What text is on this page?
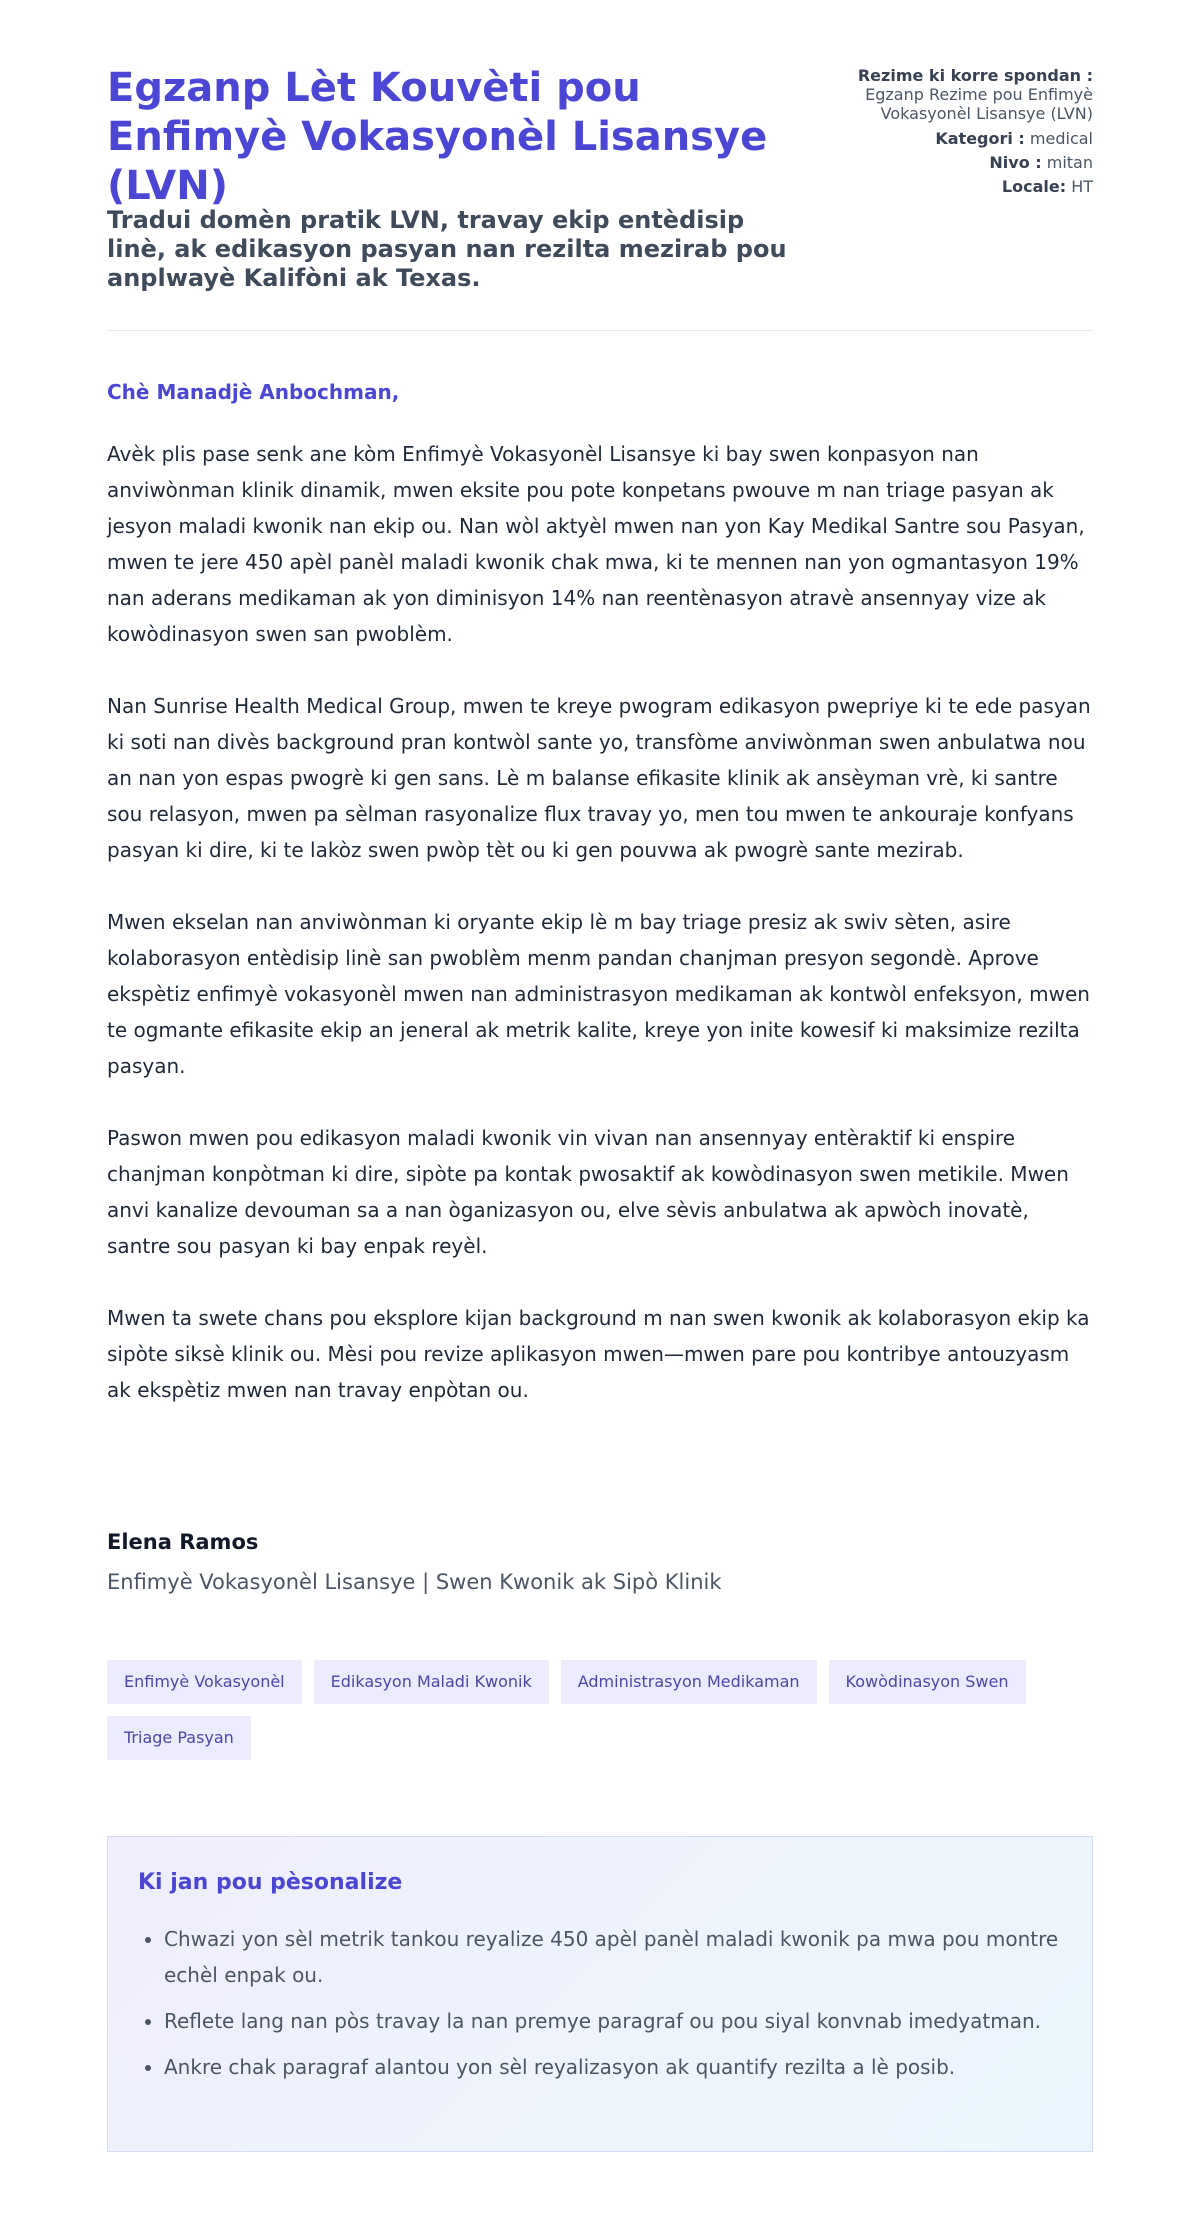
Egzanp Lèt Kouvèti pou Enfimyè Vokasyonèl Lisansye (LVN)

Tradui domèn pratik LVN, travay ekip entèdisip linè, ak edikasyon pasyan nan rezilta mezirab pou anplwayè Kalifòni ak Texas.

Rezime ki korre spondan :
Egzanp Rezime pou Enfimyè Vokasyonèl Lisansye (LVN)
Kategori : medical
Nivo : mitan
Locale: HT
Chè Manadjè Anbochman,

Avèk plis pase senk ane kòm Enfimyè Vokasyonèl Lisansye ki bay swen konpasyon nan anviwònman klinik dinamik, mwen eksite pou pote konpetans pwouve m nan triage pasyan ak jesyon maladi kwonik nan ekip ou. Nan wòl aktyèl mwen nan yon Kay Medikal Santre sou Pasyan, mwen te jere 450 apèl panèl maladi kwonik chak mwa, ki te mennen nan yon ogmantasyon 19% nan aderans medikaman ak yon diminisyon 14% nan reentènasyon atravè ansennyay vize ak kowòdinasyon swen san pwoblèm.

Nan Sunrise Health Medical Group, mwen te kreye pwogram edikasyon pwepriye ki te ede pasyan ki soti nan divès background pran kontwòl sante yo, transfòme anviwònman swen anbulatwa nou an nan yon espas pwogrè ki gen sans. Lè m balanse efikasite klinik ak ansèyman vrè, ki santre sou relasyon, mwen pa sèlman rasyonalize flux travay yo, men tou mwen te ankouraje konfyans pasyan ki dire, ki te lakòz swen pwòp tèt ou ki gen pouvwa ak pwogrè sante mezirab.

Mwen ekselan nan anviwònman ki oryante ekip lè m bay triage presiz ak swiv sèten, asire kolaborasyon entèdisip linè san pwoblèm menm pandan chanjman presyon segondè. Aprove ekspètiz enfimyè vokasyonèl mwen nan administrasyon medikaman ak kontwòl enfeksyon, mwen te ogmante efikasite ekip an jeneral ak metrik kalite, kreye yon inite kowesif ki maksimize rezilta pasyan.

Paswon mwen pou edikasyon maladi kwonik vin vivan nan ansennyay entèraktif ki enspire chanjman konpòtman ki dire, sipòte pa kontak pwosaktif ak kowòdinasyon swen metikile. Mwen anvi kanalize devouman sa a nan òganizasyon ou, elve sèvis anbulatwa ak apwòch inovatè, santre sou pasyan ki bay enpak reyèl.

Mwen ta swete chans pou eksplore kijan background m nan swen kwonik ak kolaborasyon ekip ka sipòte siksè klinik ou. Mèsi pou revize aplikasyon mwen—mwen pare pou kontribye antouzyasm ak ekspètiz mwen nan travay enpòtan ou.

Elena Ramos
Enfimyè Vokasyonèl Lisansye | Swen Kwonik ak Sipò Klinik
Enfimyè Vokasyonèl	Edikasyon Maladi Kwonik	Administrasyon Medikaman	Kowòdinasyon Swen
Triage Pasyan
Ki jan pou pèsonalize
• Chwazi yon sèl metrik tankou reyalize 450 apèl panèl maladi kwonik pa mwa pou montre echèl enpak ou.
• Reflete lang nan pòs travay la nan premye paragraf ou pou siyal konvnab imedyatman.
• Ankre chak paragraf alantou yon sèl reyalizasyon ak quantify rezilta a lè posib.
